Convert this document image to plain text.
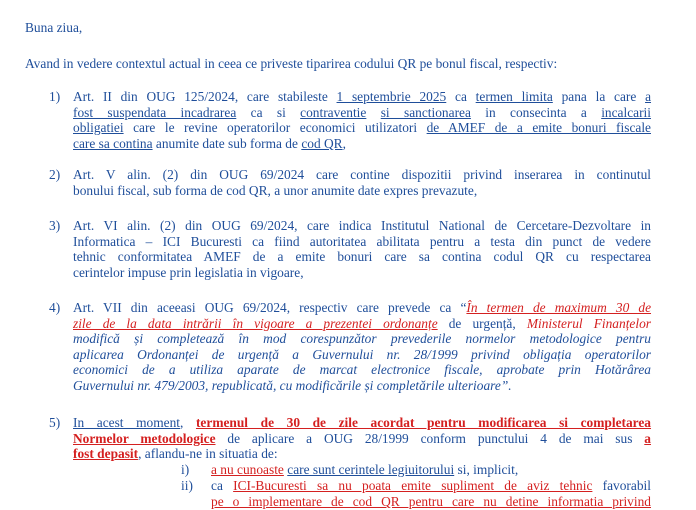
Buna ziua,
Avand in vedere contextul actual in ceea ce priveste tiparirea codului QR pe bonul fiscal, respectiv:
1) Art. II din OUG 125/2024, care stabileste 1 septembrie 2025 ca termen limita pana la care a
fost suspendata incadrarea ca si contraventie si sanctionarea in consecinta a incalcarii
obligatiei care le revine operatorilor economici utilizatori de AMEF de a emite bonuri fiscale
care sa contina anumite date sub forma de cod QR,
2) Art. V alin. (2) din OUG 69/2024 care contine dispozitii privind inserarea in continutul
bonului fiscal, sub forma de cod QR, a unor anumite date expres prevazute,
3) Art. VI alin. (2) din OUG 69/2024, care indica Institutul National de Cercetare-Dezvoltare in
Informatica – ICI Bucuresti ca fiind autoritatea abilitata pentru a testa din punct de vedere
tehnic conformitatea AMEF de a emite bonuri care sa contina codul QR cu respectarea
cerintelor impuse prin legislatia in vigoare,
4) Art. VII din aceeasi OUG 69/2024, respectiv care prevede ca “În termen de maximum 30 de
zile de la data intrării în vigoare a prezentei ordonanțe de urgență, Ministerul Finanțelor
modifică și completează în mod corespunzător prevederile normelor metodologice pentru
aplicarea Ordonanței de urgență a Guvernului nr. 28/1999 privind obligația operatorilor
economici de a utiliza aparate de marcat electronice fiscale, aprobate prin Hotărârea
Guvernului nr. 479/2003, republicată, cu modificările și completările ulterioare”.
5) In acest moment, termenul de 30 de zile acordat pentru modificarea si completarea
Normelor metodologice de aplicare a OUG 28/1999 conform punctului 4 de mai sus a
fost depasit, aflandu-ne in situatia de:
i) a nu cunoaste care sunt cerintele legiuitorului si, implicit,
ii) ca ICI-Bucuresti sa nu poata emite supliment de aviz tehnic favorabil
pe o implementare de cod QR pentru care nu detine informatia privind
